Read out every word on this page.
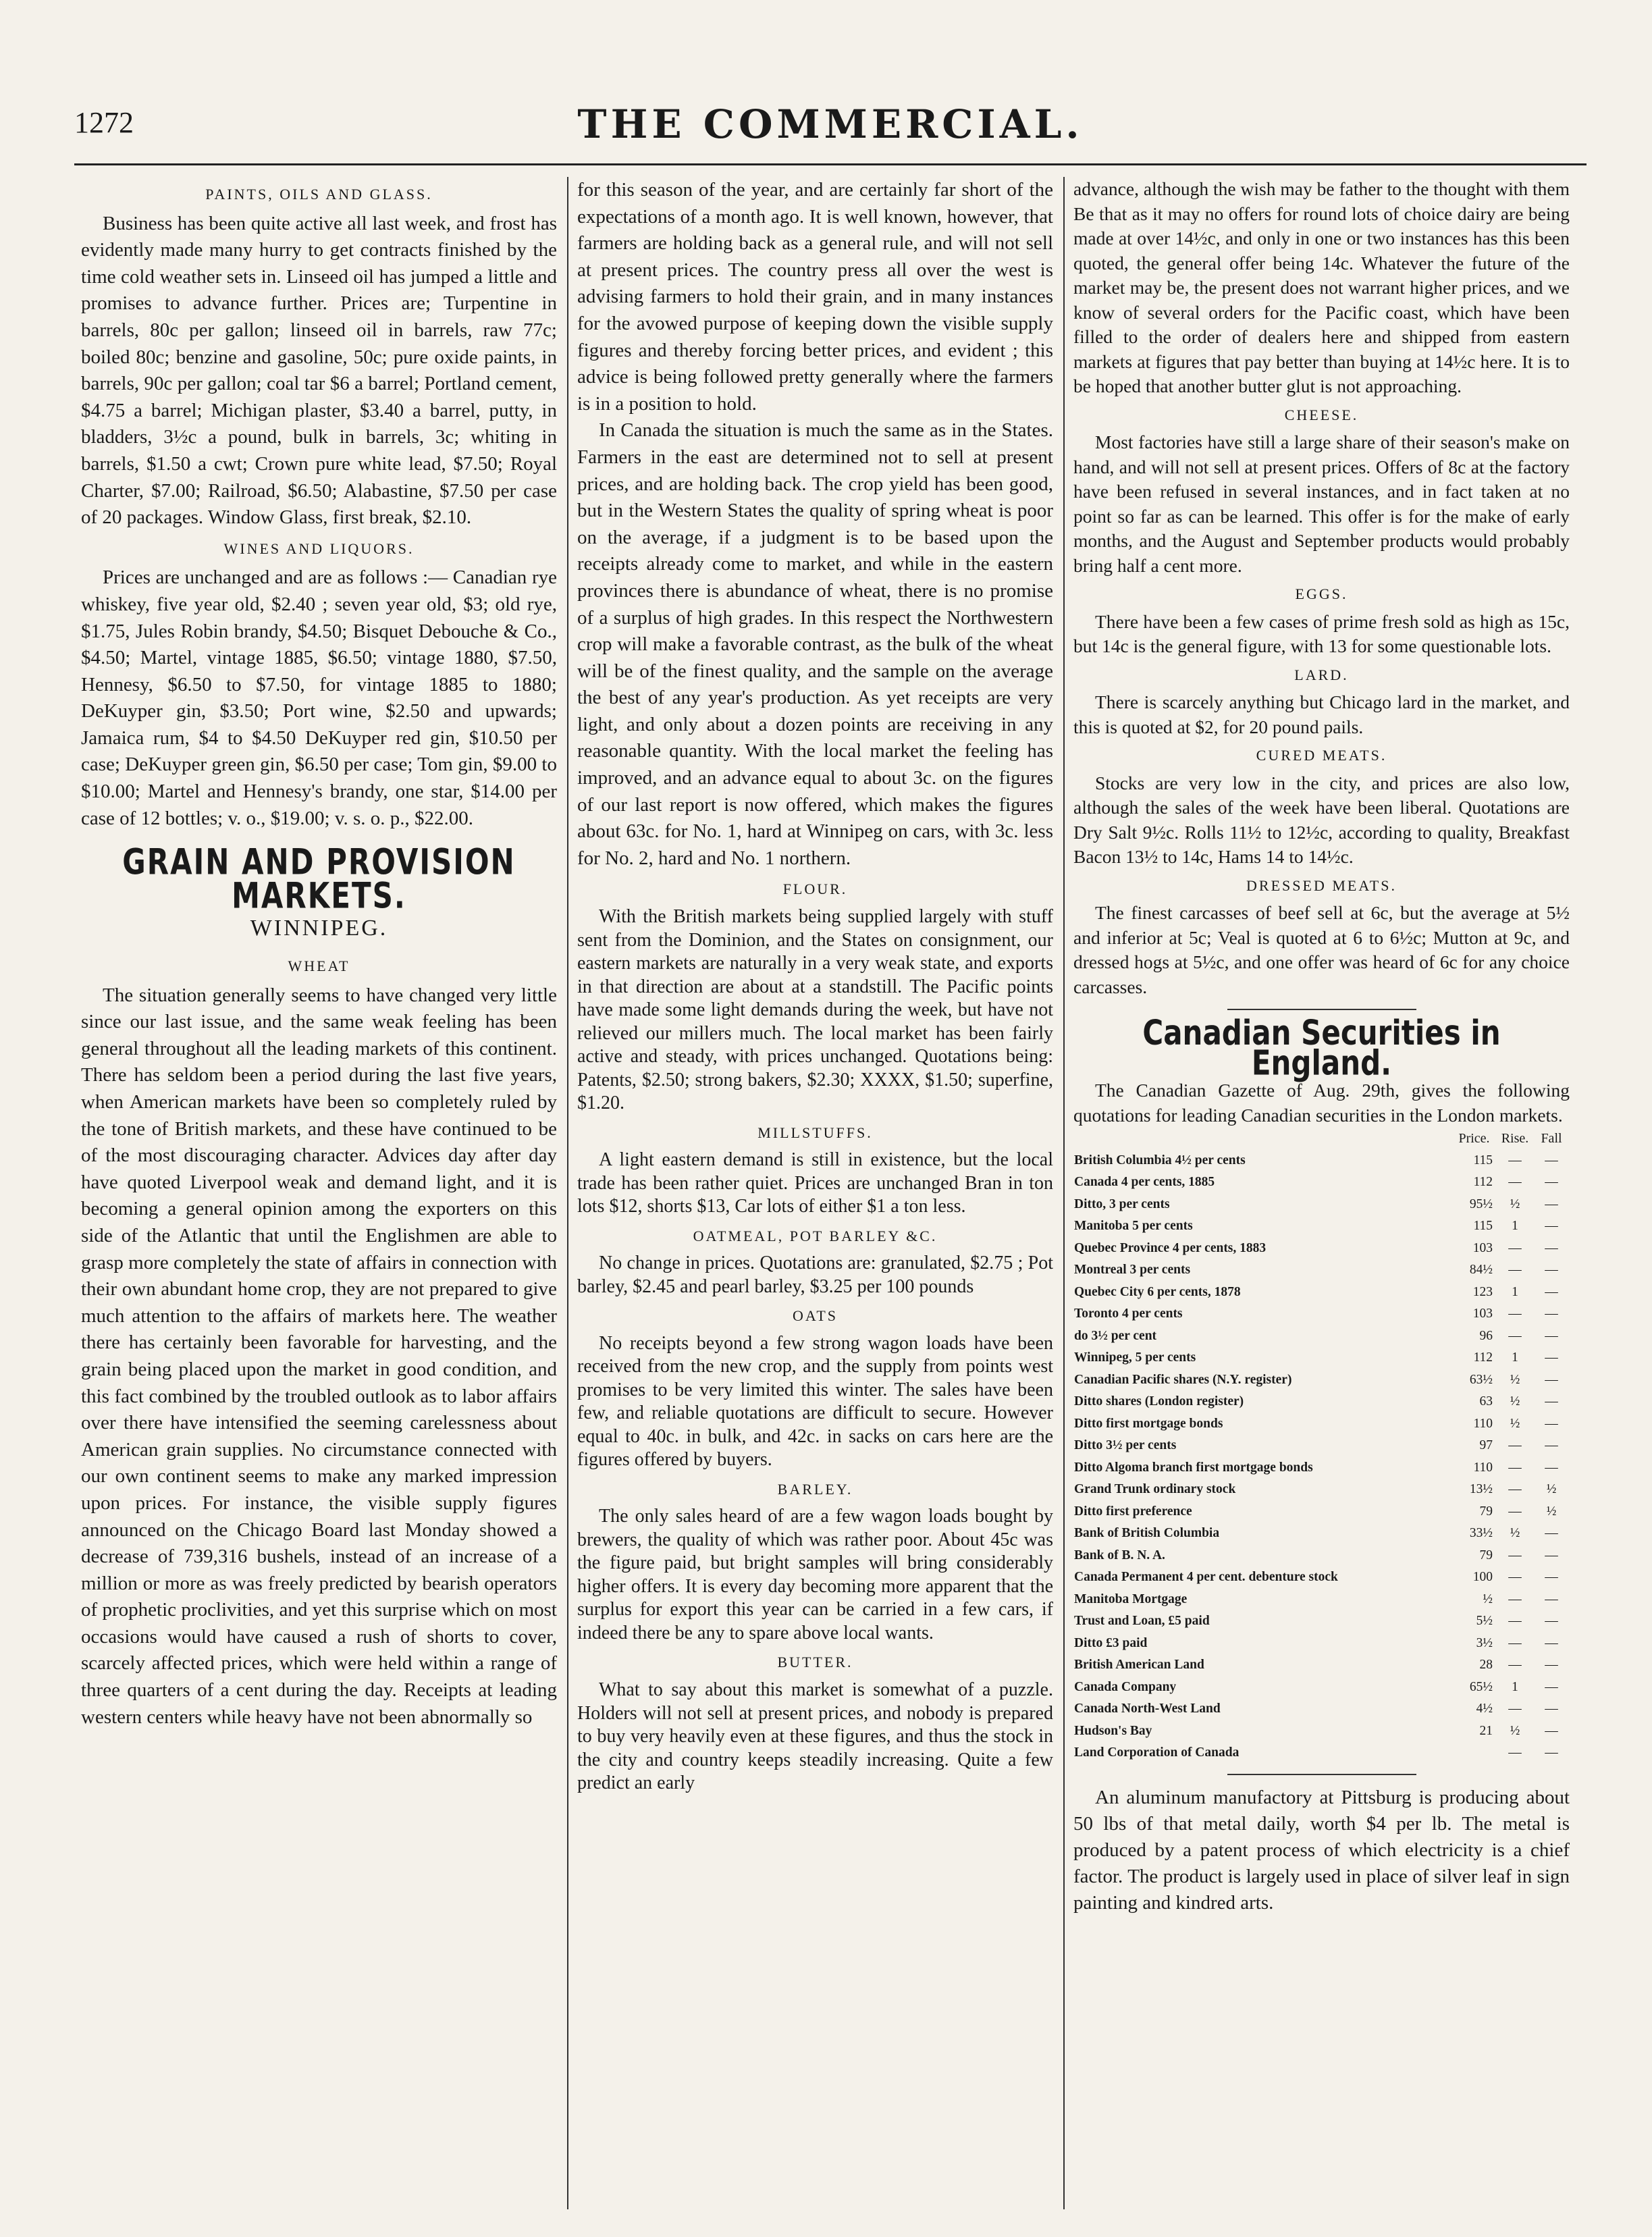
1272	THE COMMERCIAL.
PAINTS, OILS AND GLASS.

Business has been quite active all last week, and frost has evidently made many hurry to get contracts finished by the time cold weather sets in. Linseed oil has jumped a little and promises to advance further. Prices are; Turpentine in barrels, 80c per gallon; linseed oil in barrels, raw 77c; boiled 80c; benzine and gasoline, 50c; pure oxide paints, in barrels, 90c per gallon; coal tar $6 a barrel; Portland cement, $4.75 a barrel; Michigan plaster, $3.40 a barrel, putty, in bladders, 3½c a pound, bulk in barrels, 3c; whiting in barrels, $1.50 a cwt; Crown pure white lead, $7.50; Royal Charter, $7.00; Railroad, $6.50; Alabastine, $7.50 per case of 20 packages. Window Glass, first break, $2.10.

WINES AND LIQUORS.

Prices are unchanged and are as follows :— Canadian rye whiskey, five year old, $2.40 ; seven year old, $3; old rye, $1.75, Jules Robin brandy, $4.50; Bisquet Debouche & Co., $4.50; Martel, vintage 1885, $6.50; vintage 1880, $7.50, Hennesy, $6.50 to $7.50, for vintage 1885 to 1880; DeKuyper gin, $3.50; Port wine, $2.50 and upwards; Jamaica rum, $4 to $4.50 DeKuyper red gin, $10.50 per case; DeKuyper green gin, $6.50 per case; Tom gin, $9.00 to $10.00; Martel and Hennesy's brandy, one star, $14.00 per case of 12 bottles; v. o., $19.00; v. s. o. p., $22.00.

GRAIN AND PROVISION MARKETS.
WINNIPEG.
WHEAT

The situation generally seems to have changed very little since our last issue, and the same weak feeling has been general throughout all the leading markets of this continent. There has seldom been a period during the last five years, when American markets have been so completely ruled by the tone of British markets, and these have continued to be of the most discouraging character. Advices day after day have quoted Liverpool weak and demand light, and it is becoming a general opinion among the exporters on this side of the Atlantic that until the Englishmen are able to grasp more completely the state of affairs in connection with their own abundant home crop, they are not prepared to give much attention to the affairs of markets here. The weather there has certainly been favorable for harvesting, and the grain being placed upon the market in good condition, and this fact combined by the troubled outlook as to labor affairs over there have intensified the seeming carelessness about American grain supplies. No circumstance connected with our own continent seems to make any marked impression upon prices. For instance, the visible supply figures announced on the Chicago Board last Monday showed a decrease of 739,316 bushels, instead of an increase of a million or more as was freely predicted by bearish operators of prophetic proclivities, and yet this surprise which on most occasions would have caused a rush of shorts to cover, scarcely affected prices, which were held within a range of three quarters of a cent during the day. Receipts at leading western centers while heavy have not been abnormally so

for this season of the year, and are certainly far short of the expectations of a month ago. It is well known, however, that farmers are holding back as a general rule, and will not sell at present prices. The country press all over the west is advising farmers to hold their grain, and in many instances for the avowed purpose of keeping down the visible supply figures and thereby forcing better prices, and evident ; this advice is being followed pretty generally where the farmers is in a position to hold.

In Canada the situation is much the same as in the States. Farmers in the east are determined not to sell at present prices, and are holding back. The crop yield has been good, but in the Western States the quality of spring wheat is poor on the average, if a judgment is to be based upon the receipts already come to market, and while in the eastern provinces there is abundance of wheat, there is no promise of a surplus of high grades. In this respect the Northwestern crop will make a favorable contrast, as the bulk of the wheat will be of the finest quality, and the sample on the average the best of any year's production. As yet receipts are very light, and only about a dozen points are receiving in any reasonable quantity. With the local market the feeling has improved, and an advance equal to about 3c. on the figures of our last report is now offered, which makes the figures about 63c. for No. 1, hard at Winnipeg on cars, with 3c. less for No. 2, hard and No. 1 northern.

FLOUR.

With the British markets being supplied largely with stuff sent from the Dominion, and the States on consignment, our eastern markets are naturally in a very weak state, and exports in that direction are about at a standstill. The Pacific points have made some light demands during the week, but have not relieved our millers much. The local market has been fairly active and steady, with prices unchanged. Quotations being: Patents, $2.50; strong bakers, $2.30; XXXX, $1.50; superfine, $1.20.

MILLSTUFFS.

A light eastern demand is still in existence, but the local trade has been rather quiet. Prices are unchanged Bran in ton lots $12, shorts $13, Car lots of either $1 a ton less.

OATMEAL, POT BARLEY &C.

No change in prices. Quotations are: granulated, $2.75 ; Pot barley, $2.45 and pearl barley, $3.25 per 100 pounds

OATS

No receipts beyond a few strong wagon loads have been received from the new crop, and the supply from points west promises to be very limited this winter. The sales have been few, and reliable quotations are difficult to secure. However equal to 40c. in bulk, and 42c. in sacks on cars here are the figures offered by buyers.

BARLEY.

The only sales heard of are a few wagon loads bought by brewers, the quality of which was rather poor. About 45c was the figure paid, but bright samples will bring considerably higher offers. It is every day becoming more apparent that the surplus for export this year can be carried in a few cars, if indeed there be any to spare above local wants.

BUTTER.

What to say about this market is somewhat of a puzzle. Holders will not sell at present prices, and nobody is prepared to buy very heavily even at these figures, and thus the stock in the city and country keeps steadily increasing. Quite a few predict an early

advance, although the wish may be father to the thought with them Be that as it may no offers for round lots of choice dairy are being made at over 14½c, and only in one or two instances has this been quoted, the general offer being 14c. Whatever the future of the market may be, the present does not warrant higher prices, and we know of several orders for the Pacific coast, which have been filled to the order of dealers here and shipped from eastern markets at figures that pay better than buying at 14½c here. It is to be hoped that another butter glut is not approaching.

CHEESE.

Most factories have still a large share of their season's make on hand, and will not sell at present prices. Offers of 8c at the factory have been refused in several instances, and in fact taken at no point so far as can be learned. This offer is for the make of early months, and the August and September products would probably bring half a cent more.

EGGS.

There have been a few cases of prime fresh sold as high as 15c, but 14c is the general figure, with 13 for some questionable lots.

LARD.

There is scarcely anything but Chicago lard in the market, and this is quoted at $2, for 20 pound pails.

CURED MEATS.

Stocks are very low in the city, and prices are also low, although the sales of the week have been liberal. Quotations are Dry Salt 9½c. Rolls 11½ to 12½c, according to quality, Breakfast Bacon 13½ to 14c, Hams 14 to 14½c.

DRESSED MEATS.

The finest carcasses of beef sell at 6c, but the average at 5½ and inferior at 5c; Veal is quoted at 6 to 6½c; Mutton at 9c, and dressed hogs at 5½c, and one offer was heard of 6c for any choice carcasses.

Canadian Securities in England.

The Canadian Gazette of Aug. 29th, gives the following quotations for leading Canadian securities in the London markets.

	Price.	Rise.	Fall
British Columbia 4½ per cents	115	—	—
Canada 4 per cents, 1885	112	—	—
Ditto, 3 per cents	95½	½	—
Manitoba 5 per cents	115	1	—
Quebec Province 4 per cents, 1883	103	—	—
Montreal 3 per cents	84½	—	—
Quebec City 6 per cents, 1878	123	1	—
Toronto 4 per cents	103	—	—
do 3½ per cent	96	—	—
Winnipeg, 5 per cents	112	1	—
Canadian Pacific shares (N.Y. register)	63½	½	—
Ditto shares (London register)	63	½	—
Ditto first mortgage bonds	110	½	—
Ditto 3½ per cents	97	—	—
Ditto Algoma branch first mortgage bonds	110	—	—
Grand Trunk ordinary stock	13½	—	½
Ditto first preference	79	—	½
Bank of British Columbia	33½	½	—
Bank of B. N. A.	79	—	—
Canada Permanent 4 per cent. debenture stock	100	—	—
Manitoba Mortgage	½	—	—
Trust and Loan, £5 paid	5½	—	—
Ditto £3 paid	3½	—	—
British American Land	28	—	—
Canada Company	65½	1	—
Canada North-West Land	4½	—	—
Hudson's Bay	21	½	—
Land Corporation of Canada		—	—

An aluminum manufactory at Pittsburg is producing about 50 lbs of that metal daily, worth $4 per lb. The metal is produced by a patent process of which electricity is a chief factor. The product is largely used in place of silver leaf in sign painting and kindred arts.
